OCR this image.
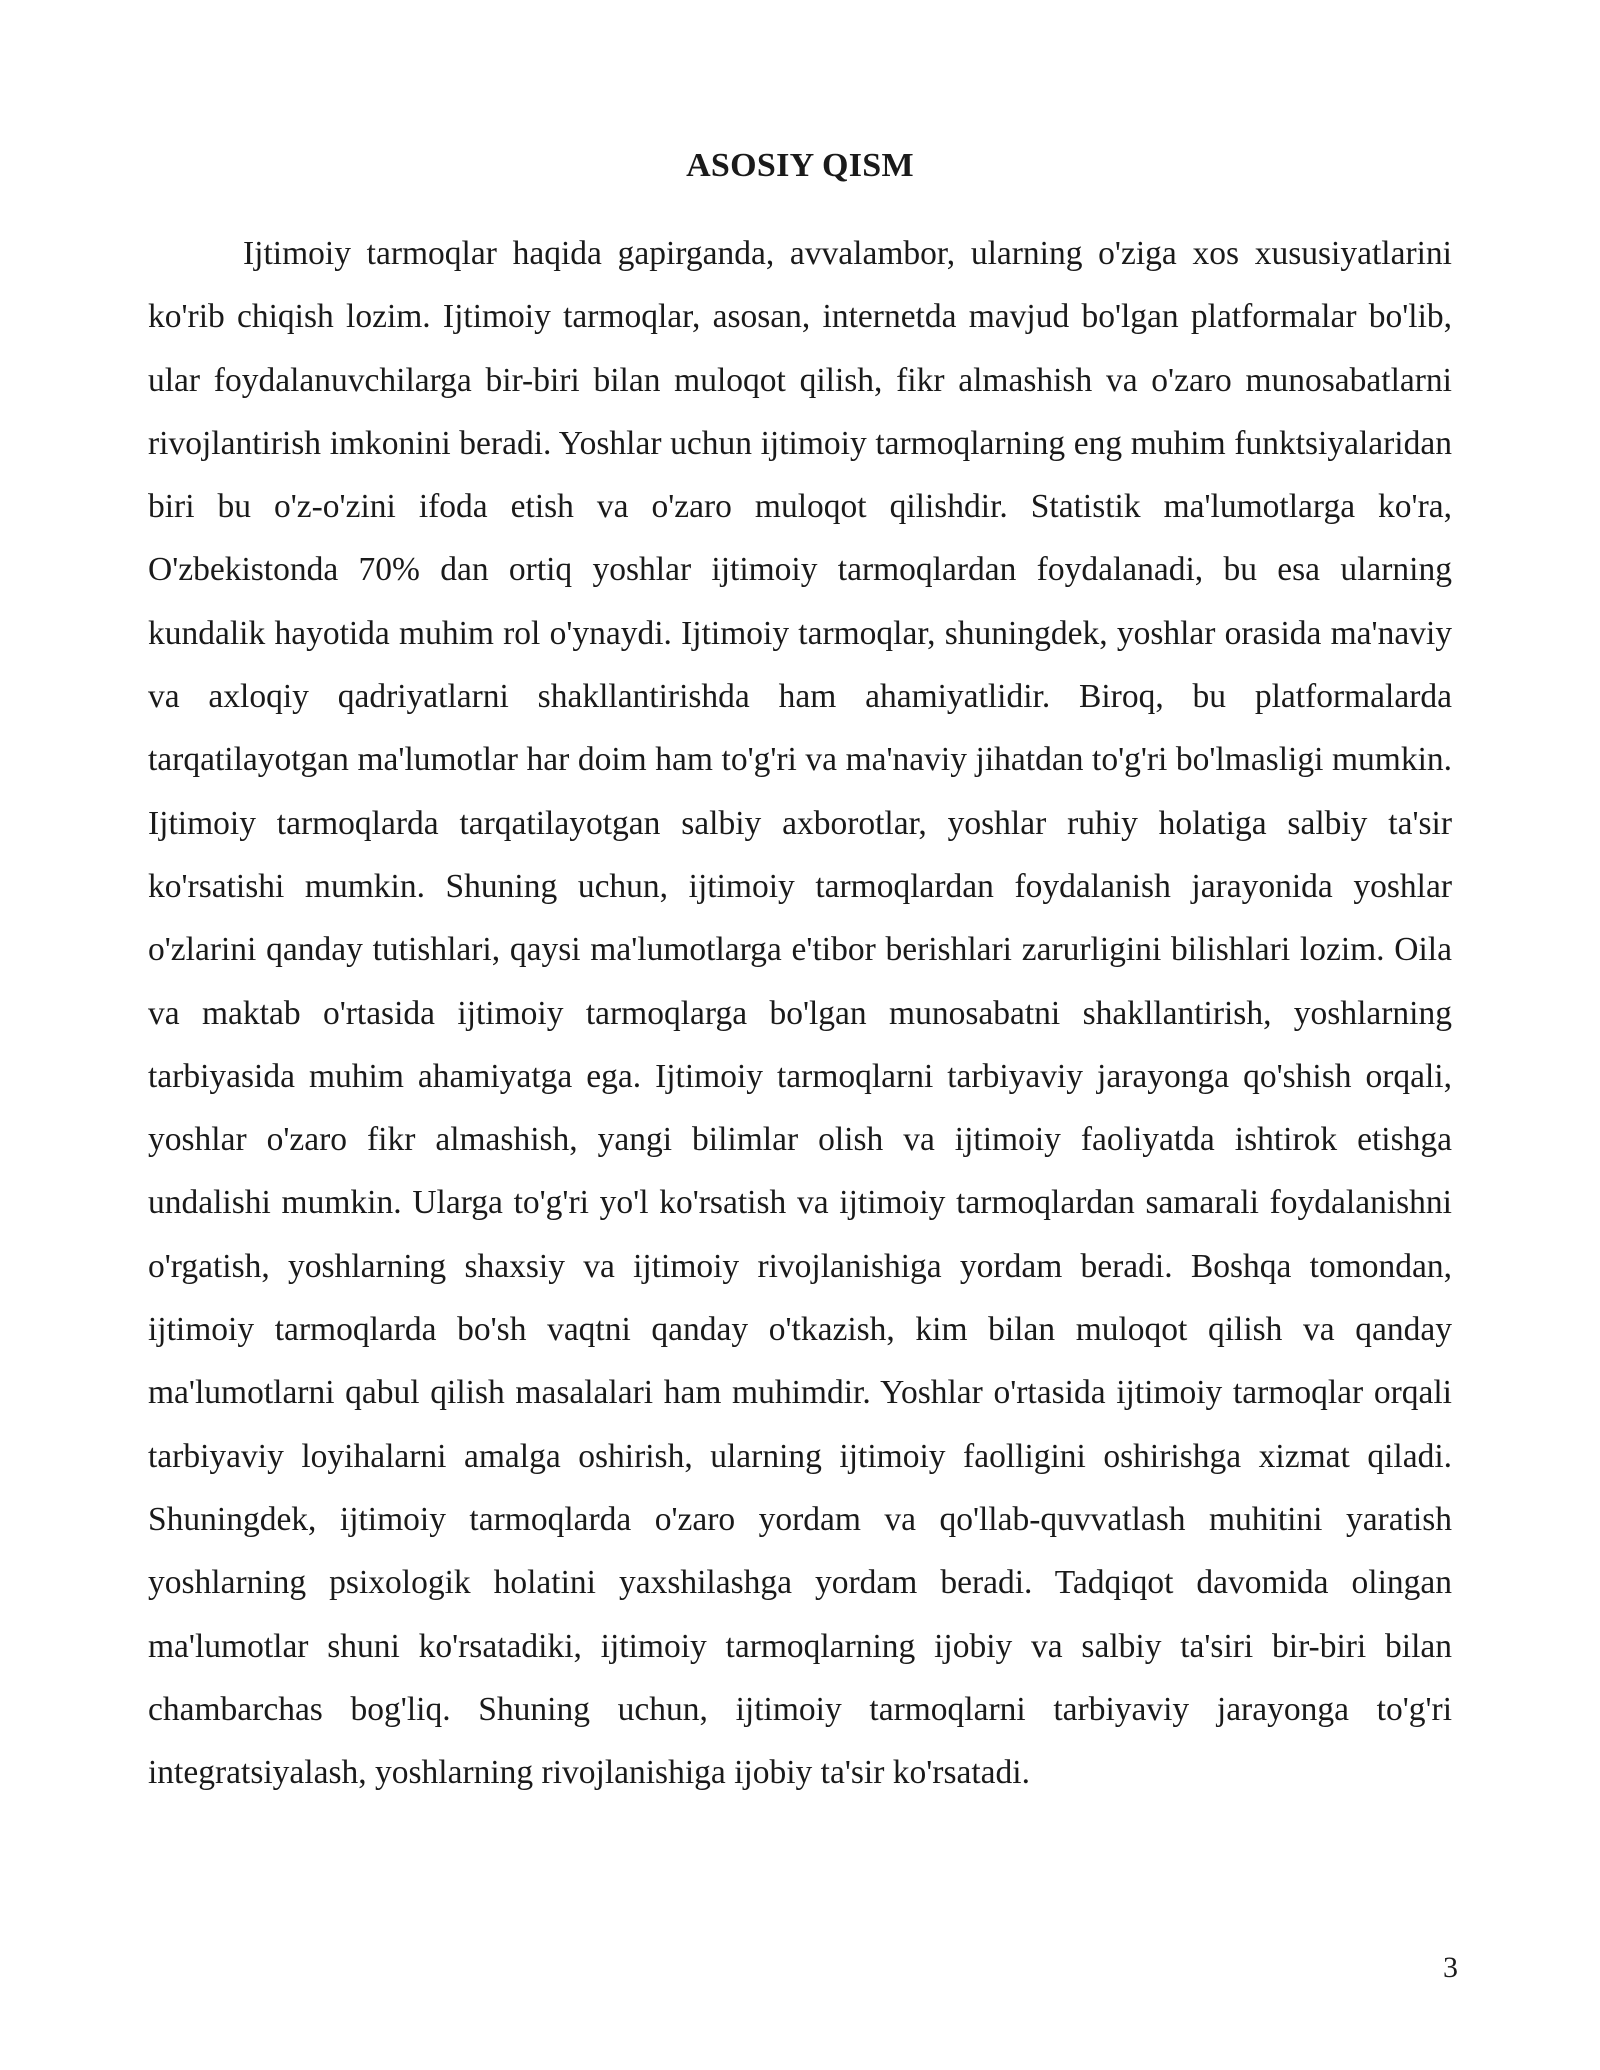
ASOSIY QISM

Ijtimoiy tarmoqlar haqida gapirganda, avvalambor, ularning o'ziga xos xususiyatlarini ko'rib chiqish lozim. Ijtimoiy tarmoqlar, asosan, internetda mavjud bo'lgan platformalar bo'lib, ular foydalanuvchilarga bir-biri bilan muloqot qilish, fikr almashish va o'zaro munosabatlarni rivojlantirish imkonini beradi. Yoshlar uchun ijtimoiy tarmoqlarning eng muhim funktsiyalaridan biri bu o'z-o'zini ifoda etish va o'zaro muloqot qilishdir. Statistik ma'lumotlarga ko'ra, O'zbekistonda 70% dan ortiq yoshlar ijtimoiy tarmoqlardan foydalanadi, bu esa ularning kundalik hayotida muhim rol o'ynaydi. Ijtimoiy tarmoqlar, shuningdek, yoshlar orasida ma'naviy va axloqiy qadriyatlarni shakllantirishda ham ahamiyatlidir. Biroq, bu platformalarda tarqatilayotgan ma'lumotlar har doim ham to'g'ri va ma'naviy jihatdan to'g'ri bo'lmasligi mumkin. Ijtimoiy tarmoqlarda tarqatilayotgan salbiy axborotlar, yoshlar ruhiy holatiga salbiy ta'sir ko'rsatishi mumkin. Shuning uchun, ijtimoiy tarmoqlardan foydalanish jarayonida yoshlar o'zlarini qanday tutishlari, qaysi ma'lumotlarga e'tibor berishlari zarurligini bilishlari lozim. Oila va maktab o'rtasida ijtimoiy tarmoqlarga bo'lgan munosabatni shakllantirish, yoshlarning tarbiyasida muhim ahamiyatga ega. Ijtimoiy tarmoqlarni tarbiyaviy jarayonga qo'shish orqali, yoshlar o'zaro fikr almashish, yangi bilimlar olish va ijtimoiy faoliyatda ishtirok etishga undalishi mumkin. Ularga to'g'ri yo'l ko'rsatish va ijtimoiy tarmoqlardan samarali foydalanishni o'rgatish, yoshlarning shaxsiy va ijtimoiy rivojlanishiga yordam beradi. Boshqa tomondan, ijtimoiy tarmoqlarda bo'sh vaqtni qanday o'tkazish, kim bilan muloqot qilish va qanday ma'lumotlarni qabul qilish masalalari ham muhimdir. Yoshlar o'rtasida ijtimoiy tarmoqlar orqali tarbiyaviy loyihalarni amalga oshirish, ularning ijtimoiy faolligini oshirishga xizmat qiladi. Shuningdek, ijtimoiy tarmoqlarda o'zaro yordam va qo'llab-quvvatlash muhitini yaratish yoshlarning psixologik holatini yaxshilashga yordam beradi. Tadqiqot davomida olingan ma'lumotlar shuni ko'rsatadiki, ijtimoiy tarmoqlarning ijobiy va salbiy ta'siri bir-biri bilan chambarchas bog'liq. Shuning uchun, ijtimoiy tarmoqlarni tarbiyaviy jarayonga to'g'ri integratsiyalash, yoshlarning rivojlanishiga ijobiy ta'sir ko'rsatadi.

3
